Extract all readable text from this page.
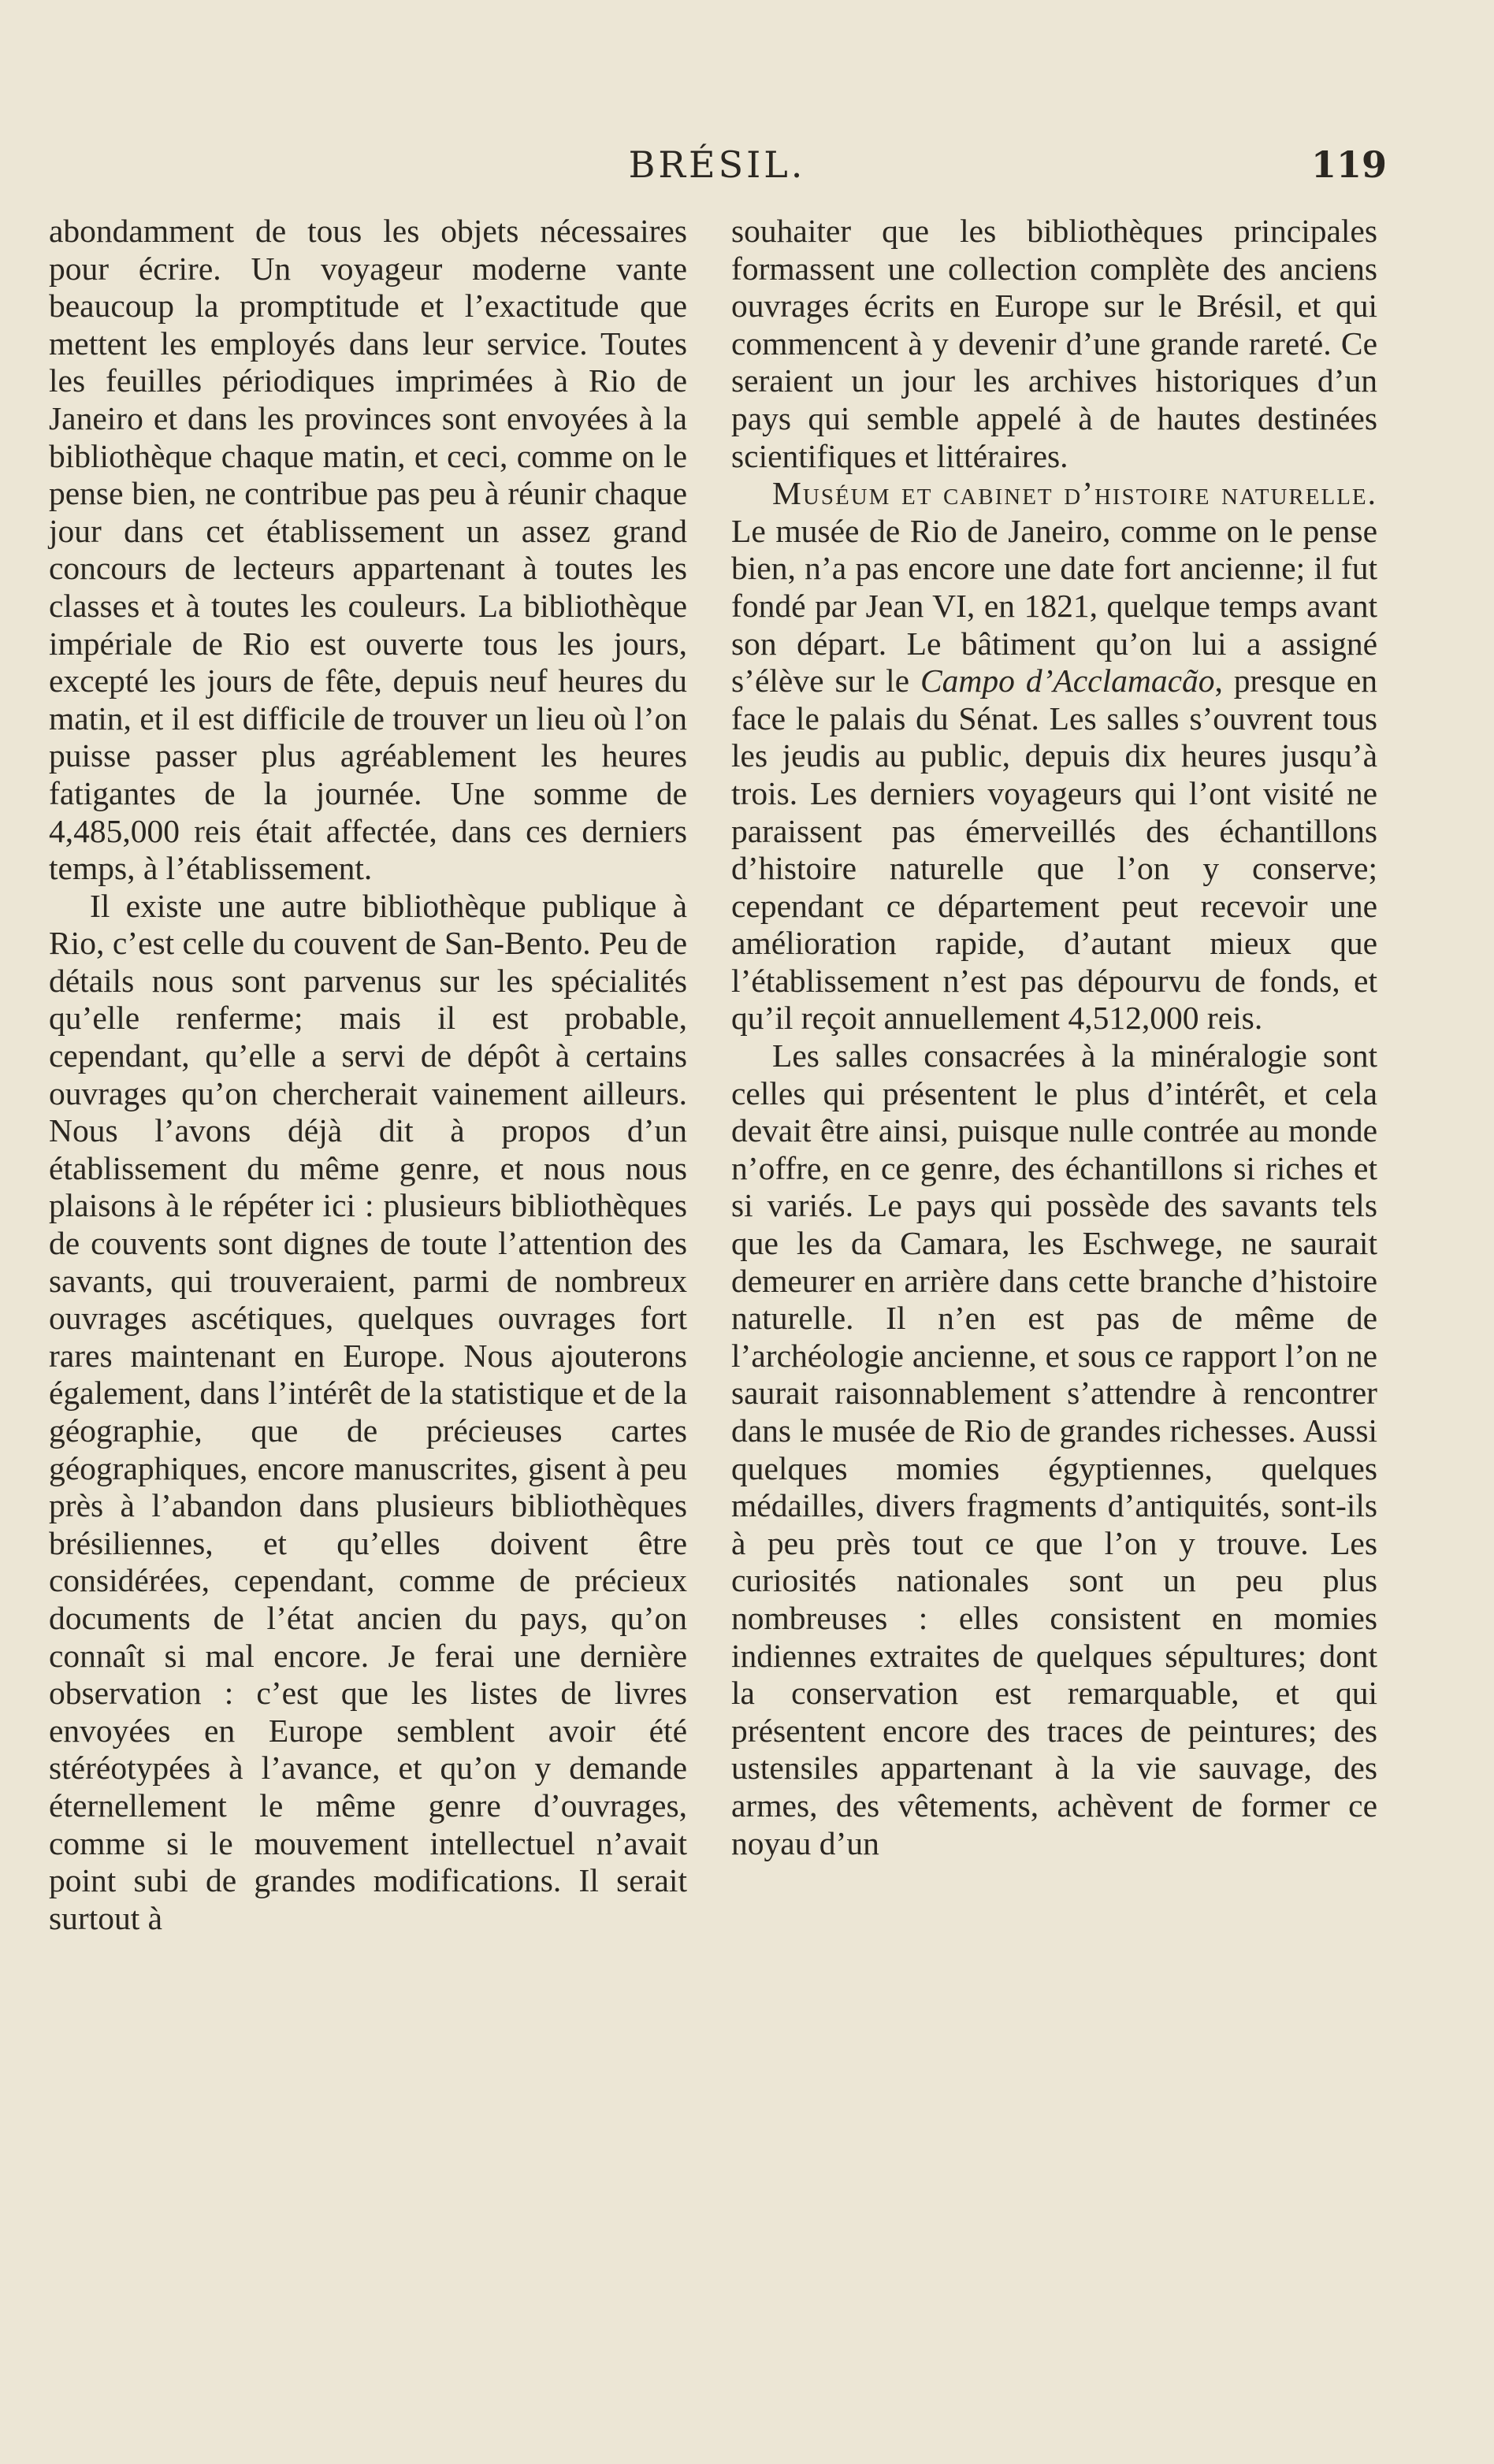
BRÉSIL.	119

abondamment de tous les objets nécessaires pour écrire. Un voyageur moderne vante beaucoup la promptitude et l’exactitude que mettent les employés dans leur service. Toutes les feuilles périodiques imprimées à Rio de Janeiro et dans les provinces sont envoyées à la bibliothèque chaque matin, et ceci, comme on le pense bien, ne contribue pas peu à réunir chaque jour dans cet établissement un assez grand concours de lecteurs appartenant à toutes les classes et à toutes les couleurs. La bibliothèque impériale de Rio est ouverte tous les jours, excepté les jours de fête, depuis neuf heures du matin, et il est difficile de trouver un lieu où l’on puisse passer plus agréablement les heures fatigantes de la journée. Une somme de 4,485,000 reis était affectée, dans ces derniers temps, à l’établissement.

Il existe une autre bibliothèque publique à Rio, c’est celle du couvent de San-Bento. Peu de détails nous sont parvenus sur les spécialités qu’elle renferme; mais il est probable, cependant, qu’elle a servi de dépôt à certains ouvrages qu’on chercherait vainement ailleurs. Nous l’avons déjà dit à propos d’un établissement du même genre, et nous nous plaisons à le répéter ici : plusieurs bibliothèques de couvents sont dignes de toute l’attention des savants, qui trouveraient, parmi de nombreux ouvrages ascétiques, quelques ouvrages fort rares maintenant en Europe. Nous ajouterons également, dans l’intérêt de la statistique et de la géographie, que de précieuses cartes géographiques, encore manuscrites, gisent à peu près à l’abandon dans plusieurs bibliothèques brésiliennes, et qu’elles doivent être considérées, cependant, comme de précieux documents de l’état ancien du pays, qu’on connaît si mal encore. Je ferai une dernière observation : c’est que les listes de livres envoyées en Europe semblent avoir été stéréotypées à l’avance, et qu’on y demande éternellement le même genre d’ouvrages, comme si le mouvement intellectuel n’avait point subi de grandes modifications. Il serait surtout à

souhaiter que les bibliothèques principales formassent une collection complète des anciens ouvrages écrits en Europe sur le Brésil, et qui commencent à y devenir d’une grande rareté. Ce seraient un jour les archives historiques d’un pays qui semble appelé à de hautes destinées scientifiques et littéraires.

Muséum et cabinet d’histoire naturelle. Le musée de Rio de Janeiro, comme on le pense bien, n’a pas encore une date fort ancienne; il fut fondé par Jean VI, en 1821, quelque temps avant son départ. Le bâtiment qu’on lui a assigné s’élève sur le Campo d’Acclamacão, presque en face le palais du Sénat. Les salles s’ouvrent tous les jeudis au public, depuis dix heures jusqu’à trois. Les derniers voyageurs qui l’ont visité ne paraissent pas émerveillés des échantillons d’histoire naturelle que l’on y conserve; cependant ce département peut recevoir une amélioration rapide, d’autant mieux que l’établissement n’est pas dépourvu de fonds, et qu’il reçoit annuellement 4,512,000 reis.

Les salles consacrées à la minéralogie sont celles qui présentent le plus d’intérêt, et cela devait être ainsi, puisque nulle contrée au monde n’offre, en ce genre, des échantillons si riches et si variés. Le pays qui possède des savants tels que les da Camara, les Eschwege, ne saurait demeurer en arrière dans cette branche d’histoire naturelle. Il n’en est pas de même de l’archéologie ancienne, et sous ce rapport l’on ne saurait raisonnablement s’attendre à rencontrer dans le musée de Rio de grandes richesses. Aussi quelques momies égyptiennes, quelques médailles, divers fragments d’antiquités, sont-ils à peu près tout ce que l’on y trouve. Les curiosités nationales sont un peu plus nombreuses : elles consistent en momies indiennes extraites de quelques sépultures; dont la conservation est remarquable, et qui présentent encore des traces de peintures; des ustensiles appartenant à la vie sauvage, des armes, des vêtements, achèvent de former ce noyau d’un
